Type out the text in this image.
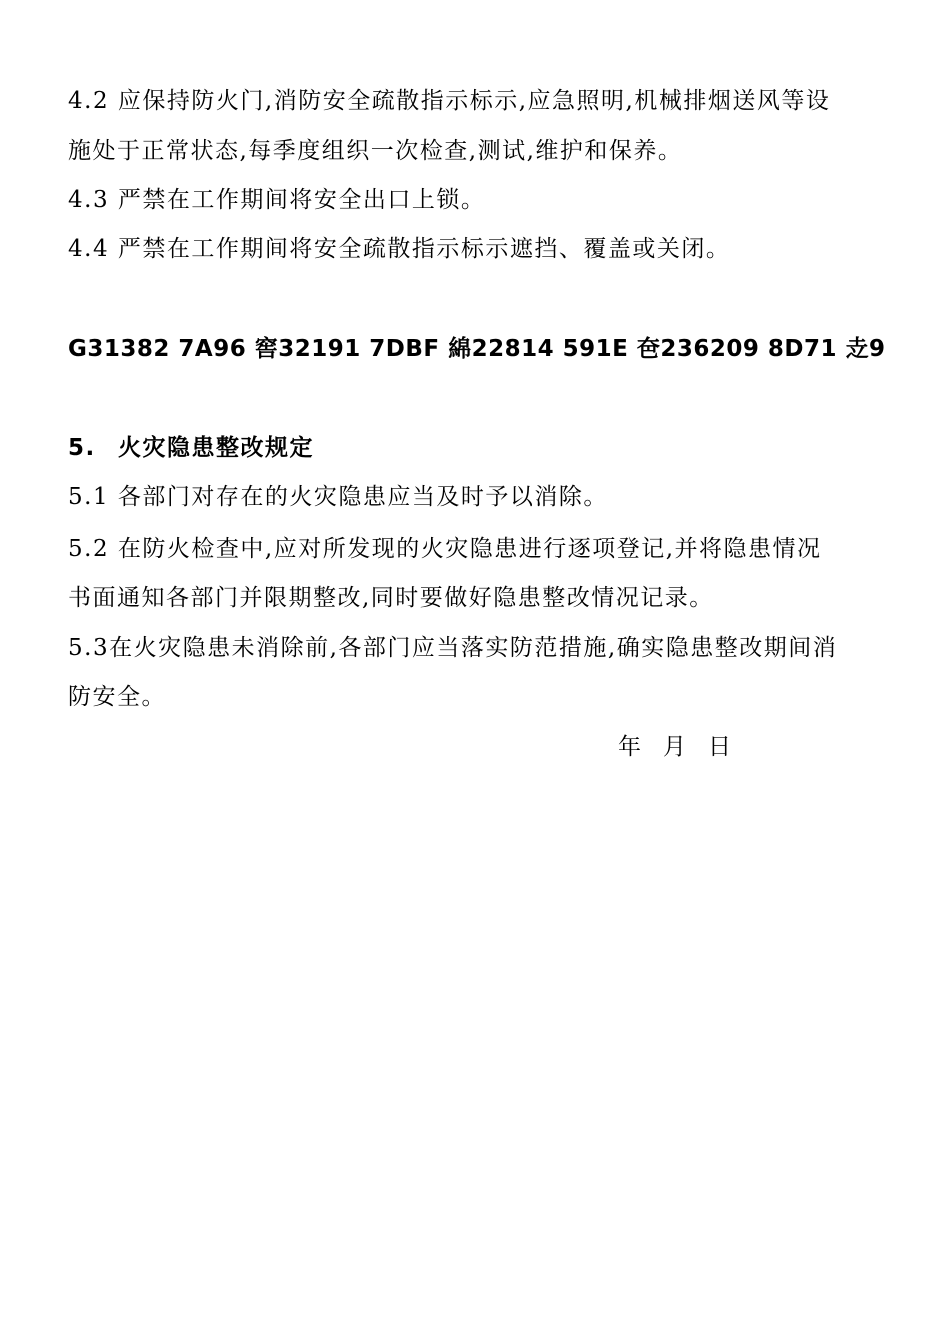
4.2 应保持防火门,消防安全疏散指示标示,应急照明,机械排烟送风等设
施处于正常状态,每季度组织一次检查,测试,维护和保养。
4.3 严禁在工作期间将安全出口上锁。
4.4 严禁在工作期间将安全疏散指示标示遮挡、覆盖或关闭。
G31382 7A96 窖32191 7DBF 綿22814 591E 夿236209 8D71 赱9
5. 火灾隐患整改规定
5.1 各部门对存在的火灾隐患应当及时予以消除。
5.2 在防火检查中,应对所发现的火灾隐患进行逐项登记,并将隐患情况
书面通知各部门并限期整改,同时要做好隐患整改情况记录。
5.3在火灾隐患未消除前,各部门应当落实防范措施,确实隐患整改期间消
防安全。
年 月 日
